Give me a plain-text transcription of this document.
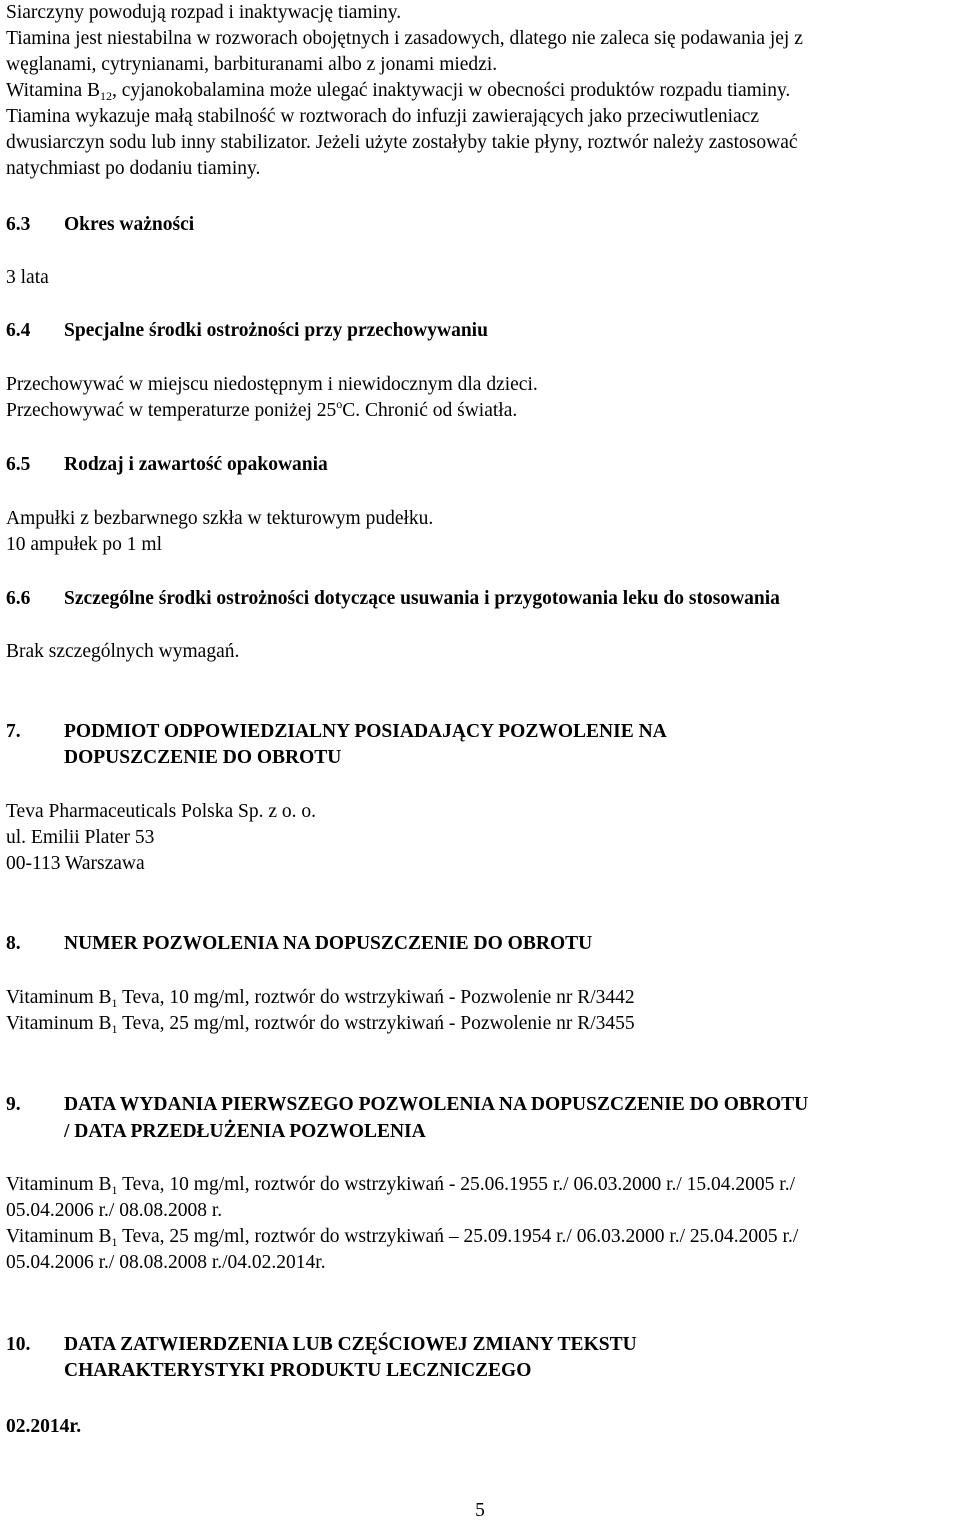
Siarczyny powodują rozpad i inaktywację tiaminy.
Tiamina jest niestabilna w rozworach obojętnych i zasadowych, dlatego nie zaleca się podawania jej z
węglanami, cytrynianami, barbituranami albo z jonami miedzi.
Witamina $B_{12}$, cyjanokobalamina może ulegać inaktywacji w obecności produktów rozpadu tiaminy.
Tiamina wykazuje małą stabilność w roztworach do infuzji zawierających jako przeciwutleniacz
dwusiarczyn sodu lub inny stabilizator. Jeżeli użyte zostałyby takie płyny, roztwór należy zastosować
natychmiast po dodaniu tiaminy.
6.3 Okres ważności
3 lata
6.4 Specjalne środki ostrożności przy przechowywaniu
Przechowywać w miejscu niedostępnym i niewidocznym dla dzieci.
Przechowywać w temperaturze poniżej 25$^o$C. Chronić od światła.
6.5 Rodzaj i zawartość opakowania
Ampułki z bezbarwnego szkła w tekturowym pudełku.
10 ampułek po 1 ml
6.6 Szczególne środki ostrożności dotyczące usuwania i przygotowania leku do stosowania
Brak szczególnych wymagań.
7. PODMIOT ODPOWIEDZIALNY POSIADAJĄCY POZWOLENIE NA
DOPUSZCZENIE DO OBROTU
Teva Pharmaceuticals Polska Sp. z o. o.
ul. Emilii Plater 53
00-113 Warszawa
8. NUMER POZWOLENIA NA DOPUSZCZENIE DO OBROTU
Vitaminum $B_1$ Teva, 10 mg/ml, roztwór do wstrzykiwań - Pozwolenie nr R/3442
Vitaminum $B_1$ Teva, 25 mg/ml, roztwór do wstrzykiwań - Pozwolenie nr R/3455
9. DATA WYDANIA PIERWSZEGO POZWOLENIA NA DOPUSZCZENIE DO OBROTU
/ DATA PRZEDŁUŻENIA POZWOLENIA
Vitaminum $B_1$ Teva, 10 mg/ml, roztwór do wstrzykiwań - 25.06.1955 r./ 06.03.2000 r./ 15.04.2005 r./
05.04.2006 r./ 08.08.2008 r.
Vitaminum $B_1$ Teva, 25 mg/ml, roztwór do wstrzykiwań – 25.09.1954 r./ 06.03.2000 r./ 25.04.2005 r./
05.04.2006 r./ 08.08.2008 r./04.02.2014r.
10. DATA ZATWIERDZENIA LUB CZĘŚCIOWEJ ZMIANY TEKSTU
CHARAKTERYSTYKI PRODUKTU LECZNICZEGO
02.2014r.
5
